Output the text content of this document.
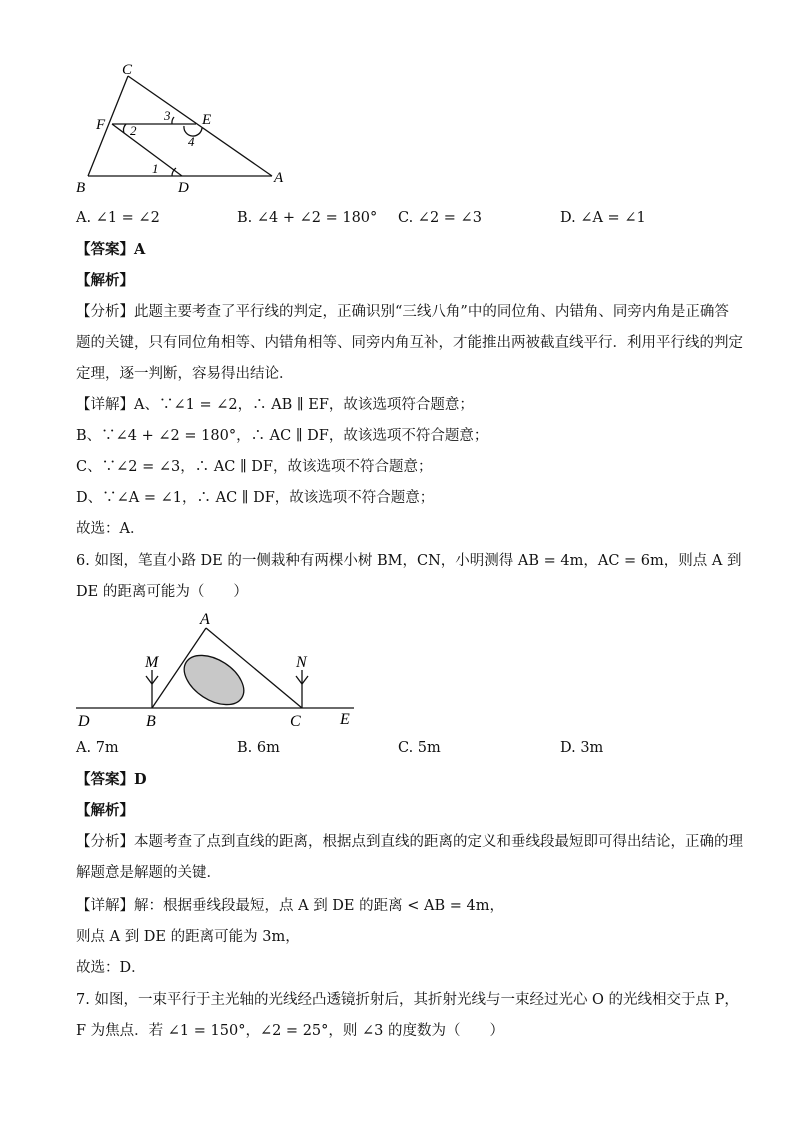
C
F	E
B	D
A
1
2
3
4
A. ∠1 = ∠2	B. ∠4 + ∠2 = 180° C. ∠2 = ∠3	D. ∠A = ∠1
【答案】A
【解析】
【分析】此题主要考查了平行线的判定，正确识别“三线八角”中的同位角、内错角、同旁内角是正确答
题的关键，只有同位角相等、内错角相等、同旁内角互补，才能推出两被截直线平行．利用平行线的判定
定理，逐一判断，容易得出结论．
【详解】A、∵∠1 = ∠2，∴ AB ∥ EF，故该选项符合题意；
B、∵∠4 + ∠2 = 180°，∴ AC ∥ DF，故该选项不符合题意；
C、∵∠2 = ∠3，∴ AC ∥ DF，故该选项不符合题意；
D、∵∠A = ∠1，∴ AC ∥ DF，故该选项不符合题意；
故选：A．
6. 如图，笔直小路 DE 的一侧栽种有两棵小树 BM，CN，小明测得 AB = 4m，AC = 6m，则点 A 到
DE 的距离可能为（　　）
A
M	N
D	B	C E
A. 7m	B. 6m	C. 5m	D. 3m
【答案】D
【解析】
【分析】本题考查了点到直线的距离，根据点到直线的距离的定义和垂线段最短即可得出结论，正确的理
解题意是解题的关键．
【详解】解：根据垂线段最短，点 A 到 DE 的距离 < AB = 4m，
则点 A 到 DE 的距离可能为 3m，
故选：D．
7. 如图，一束平行于主光轴的光线经凸透镜折射后，其折射光线与一束经过光心 O 的光线相交于点 P，
F 为焦点．若 ∠1 = 150°，∠2 = 25°，则 ∠3 的度数为（　　）
